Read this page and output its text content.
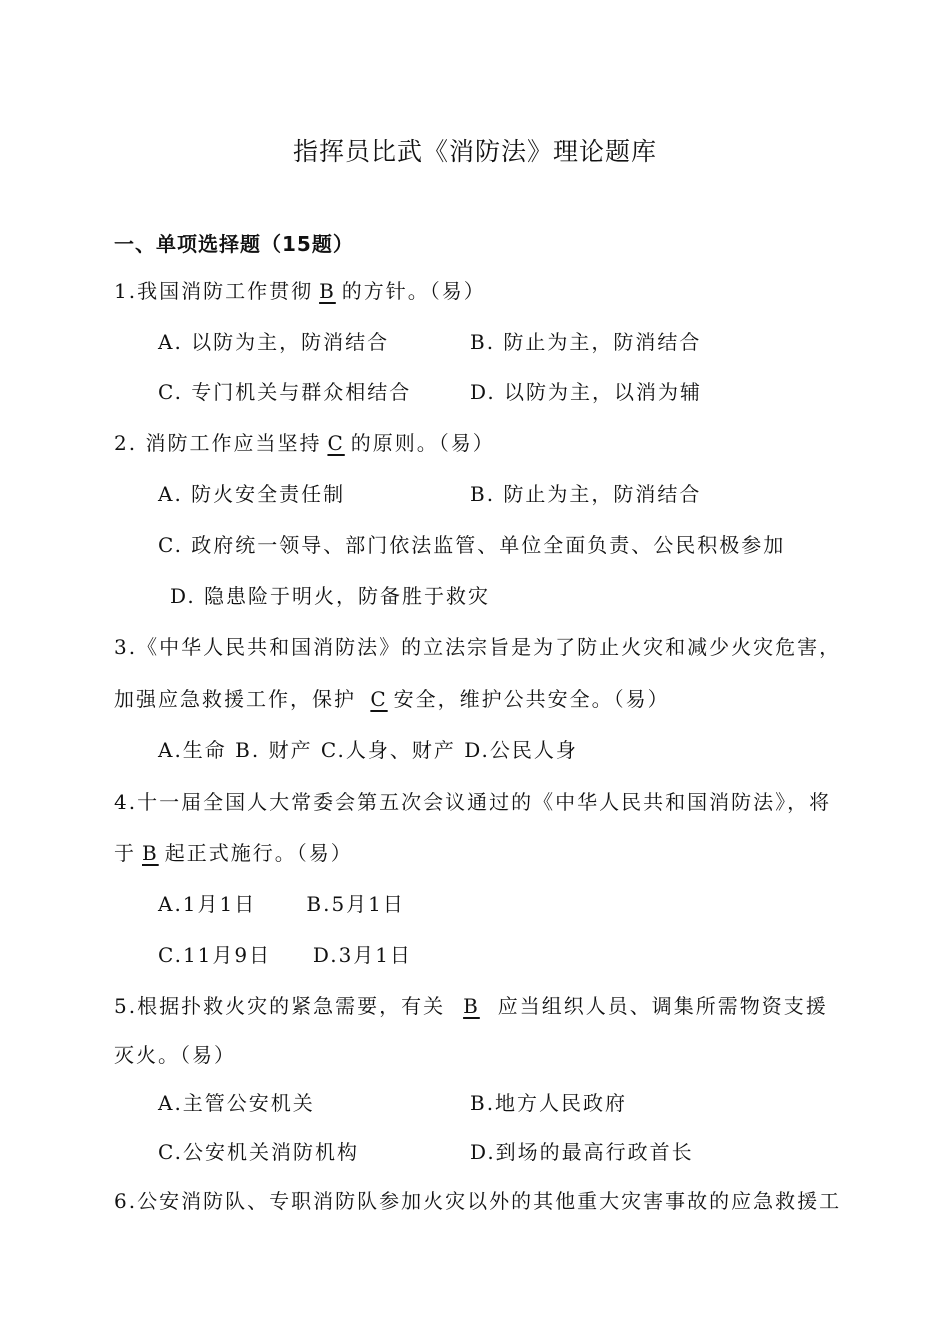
指挥员比武《消防法》理论题库
一、单项选择题（15题）
1.我国消防工作贯彻 B 的方针。（易）
A. 以防为主，防消结合	B. 防止为主，防消结合
C. 专门机关与群众相结合	D. 以防为主，以消为辅
2. 消防工作应当坚持 C 的原则。（易）
A. 防火安全责任制	B. 防止为主，防消结合
C. 政府统一领导、部门依法监管、单位全面负责、公民积极参加
D. 隐患险于明火，防备胜于救灾
3.《中华人民共和国消防法》的立法宗旨是为了防止火灾和减少火灾危害，
加强应急救援工作，保护 C 安全，维护公共安全。（易）
A.生命 B. 财产 C.人身、财产 D.公民人身
4.十一届全国人大常委会第五次会议通过的《中华人民共和国消防法》，将
于 B 起正式施行。（易）
A.1月1日      B.5月1日
C.11月9日     D.3月1日
5.根据扑救火灾的紧急需要，有关 B 应当组织人员、调集所需物资支援
灭火。（易）
A.主管公安机关	B.地方人民政府
C.公安机关消防机构	D.到场的最高行政首长
6.公安消防队、专职消防队参加火灾以外的其他重大灾害事故的应急救援工
